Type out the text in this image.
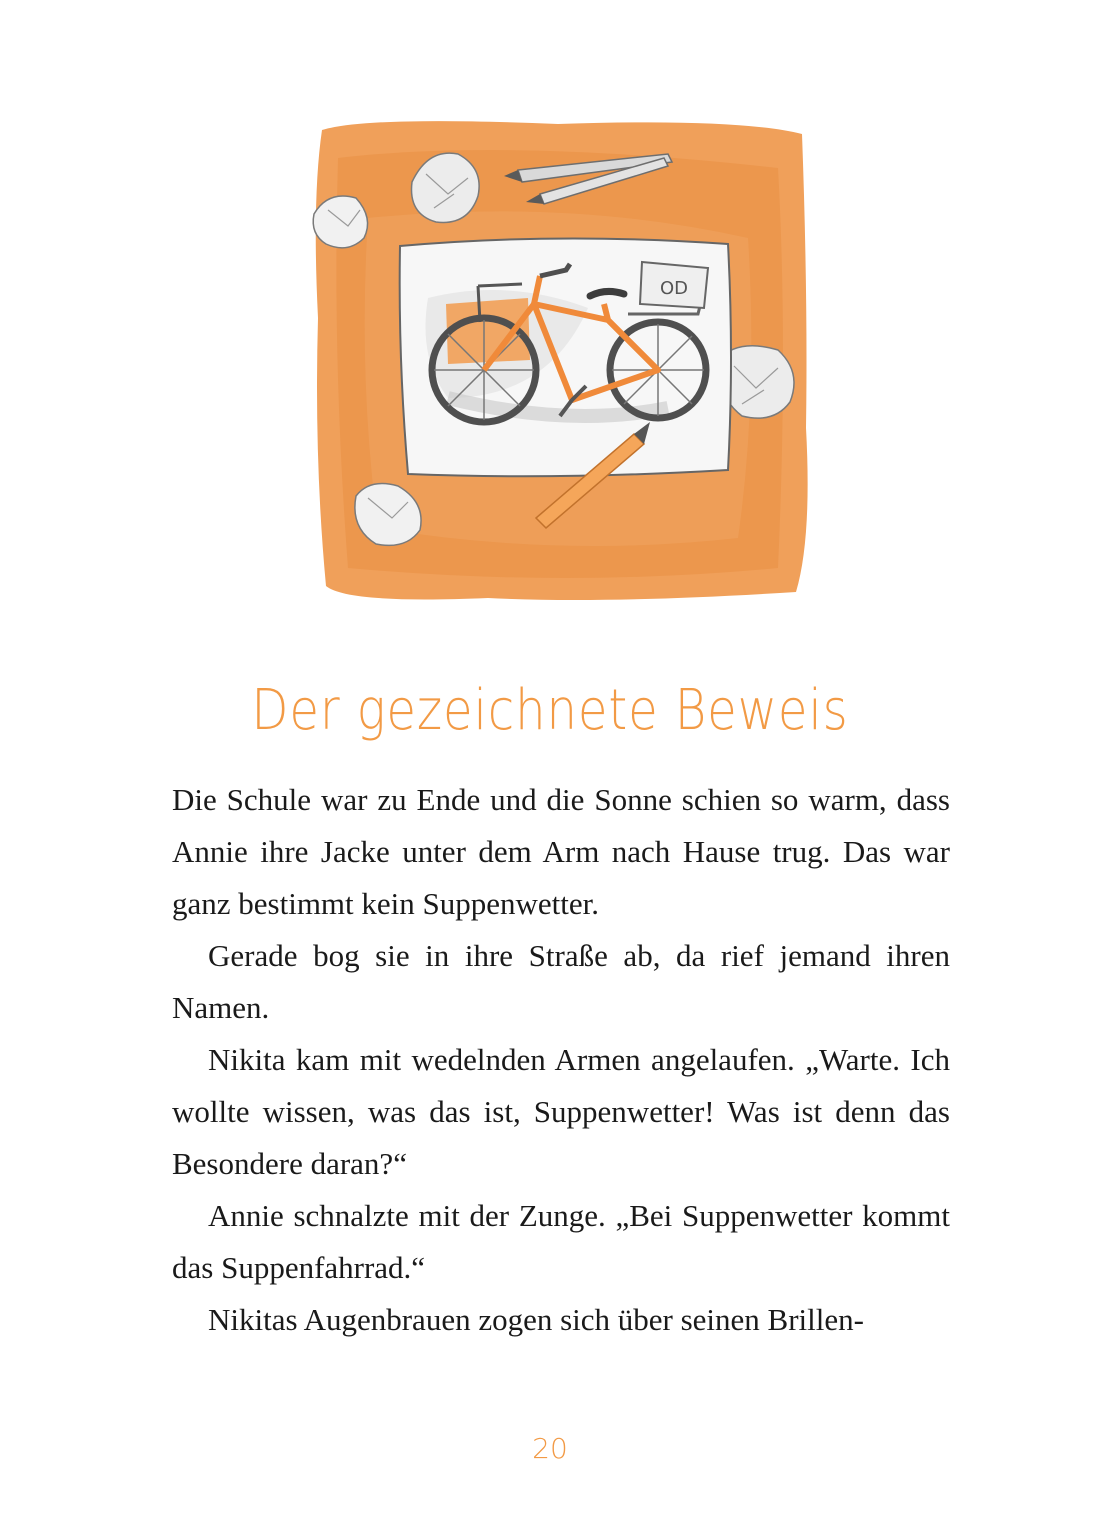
OD
Der gezeichnete Beweis

Die Schule war zu Ende und die Sonne schien so warm, dass Annie ihre Jacke unter dem Arm nach Hause trug. Das war ganz bestimmt kein Suppenwetter.

Gerade bog sie in ihre Straße ab, da rief jemand ihren Namen.

Nikita kam mit wedelnden Armen angelaufen. „Warte. Ich wollte wissen, was das ist, Suppenwetter! Was ist denn das Besondere daran?“

Annie schnalzte mit der Zunge. „Bei Suppenwetter kommt das Suppenfahrrad.“

Nikitas Augenbrauen zogen sich über seinen Brillen-

20
